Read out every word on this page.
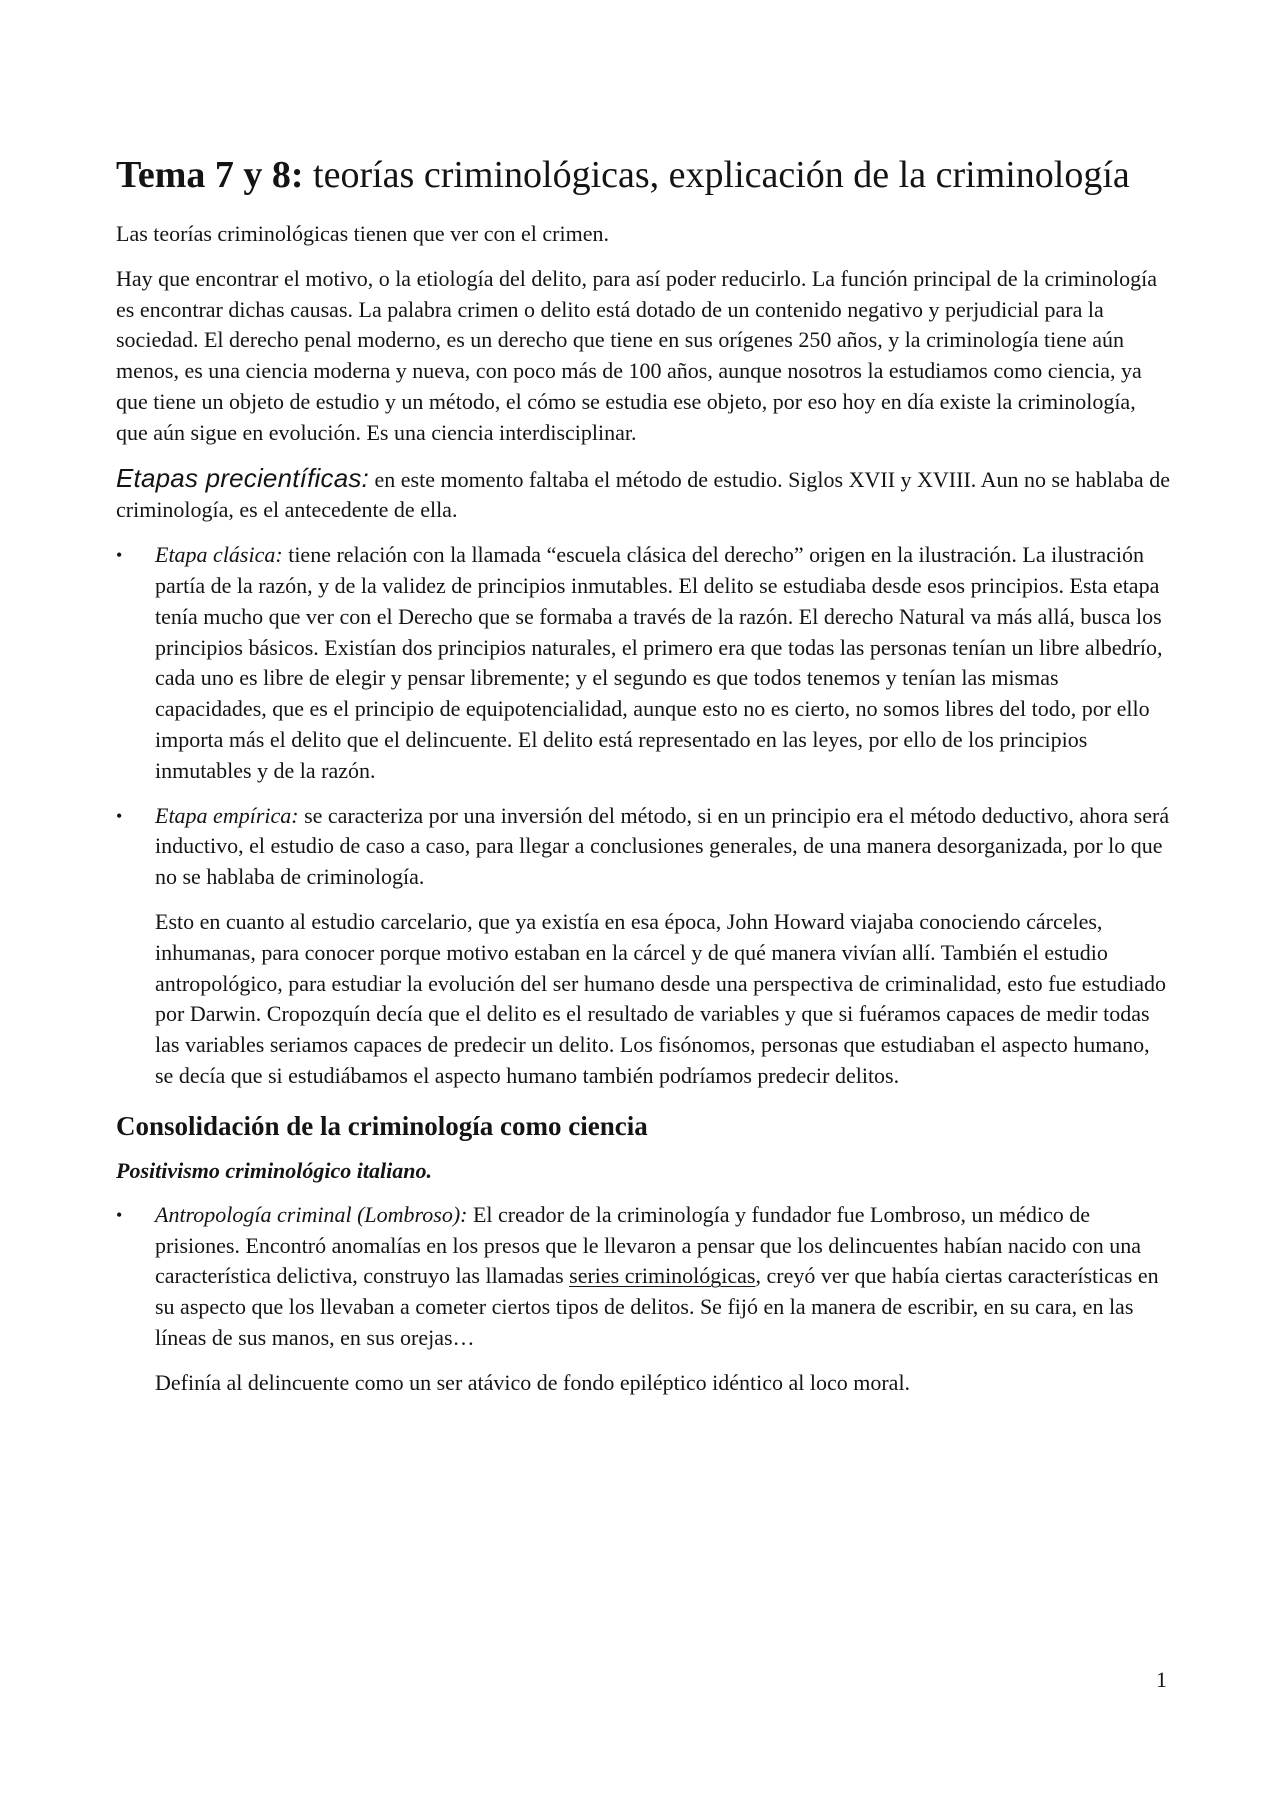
Tema 7 y 8: teorías criminológicas, explicación de la criminología

Las teorías criminológicas tienen que ver con el crimen.

Hay que encontrar el motivo, o la etiología del delito, para así poder reducirlo. La función principal de la criminología es encontrar dichas causas. La palabra crimen o delito está dotado de un contenido negativo y perjudicial para la sociedad. El derecho penal moderno, es un derecho que tiene en sus orígenes 250 años, y la criminología tiene aún menos, es una ciencia moderna y nueva, con poco más de 100 años, aunque nosotros la estudiamos como ciencia, ya que tiene un objeto de estudio y un método, el cómo se estudia ese objeto, por eso hoy en día existe la criminología, que aún sigue en evolución. Es una ciencia interdisciplinar.

Etapas precientíficas: en este momento faltaba el método de estudio. Siglos XVII y XVIII. Aun no se hablaba de criminología, es el antecedente de ella.

• Etapa clásica: tiene relación con la llamada “escuela clásica del derecho” origen en la ilustración. La ilustración partía de la razón, y de la validez de principios inmutables. El delito se estudiaba desde esos principios. Esta etapa tenía mucho que ver con el Derecho que se formaba a través de la razón. El derecho Natural va más allá, busca los principios básicos. Existían dos principios naturales, el primero era que todas las personas tenían un libre albedrío, cada uno es libre de elegir y pensar libremente; y el segundo es que todos tenemos y tenían las mismas capacidades, que es el principio de equipotencialidad, aunque esto no es cierto, no somos libres del todo, por ello importa más el delito que el delincuente. El delito está representado en las leyes, por ello de los principios inmutables y de la razón.
• Etapa empírica: se caracteriza por una inversión del método, si en un principio era el método deductivo, ahora será inductivo, el estudio de caso a caso, para llegar a conclusiones generales, de una manera desorganizada, por lo que no se hablaba de criminología.

Esto en cuanto al estudio carcelario, que ya existía en esa época, John Howard viajaba conociendo cárceles, inhumanas, para conocer porque motivo estaban en la cárcel y de qué manera vivían allí. También el estudio antropológico, para estudiar la evolución del ser humano desde una perspectiva de criminalidad, esto fue estudiado por Darwin. Cropozquín decía que el delito es el resultado de variables y que si fuéramos capaces de medir todas las variables seriamos capaces de predecir un delito. Los fisónomos, personas que estudiaban el aspecto humano, se decía que si estudiábamos el aspecto humano también podríamos predecir delitos.

Consolidación de la criminología como ciencia
Positivismo criminológico italiano.
• Antropología criminal (Lombroso): El creador de la criminología y fundador fue Lombroso, un médico de prisiones. Encontró anomalías en los presos que le llevaron a pensar que los delincuentes habían nacido con una característica delictiva, construyo las llamadas series criminológicas, creyó ver que había ciertas características en su aspecto que los llevaban a cometer ciertos tipos de delitos. Se fijó en la manera de escribir, en su cara, en las líneas de sus manos, en sus orejas…

Definía al delincuente como un ser atávico de fondo epiléptico idéntico al loco moral.

1
